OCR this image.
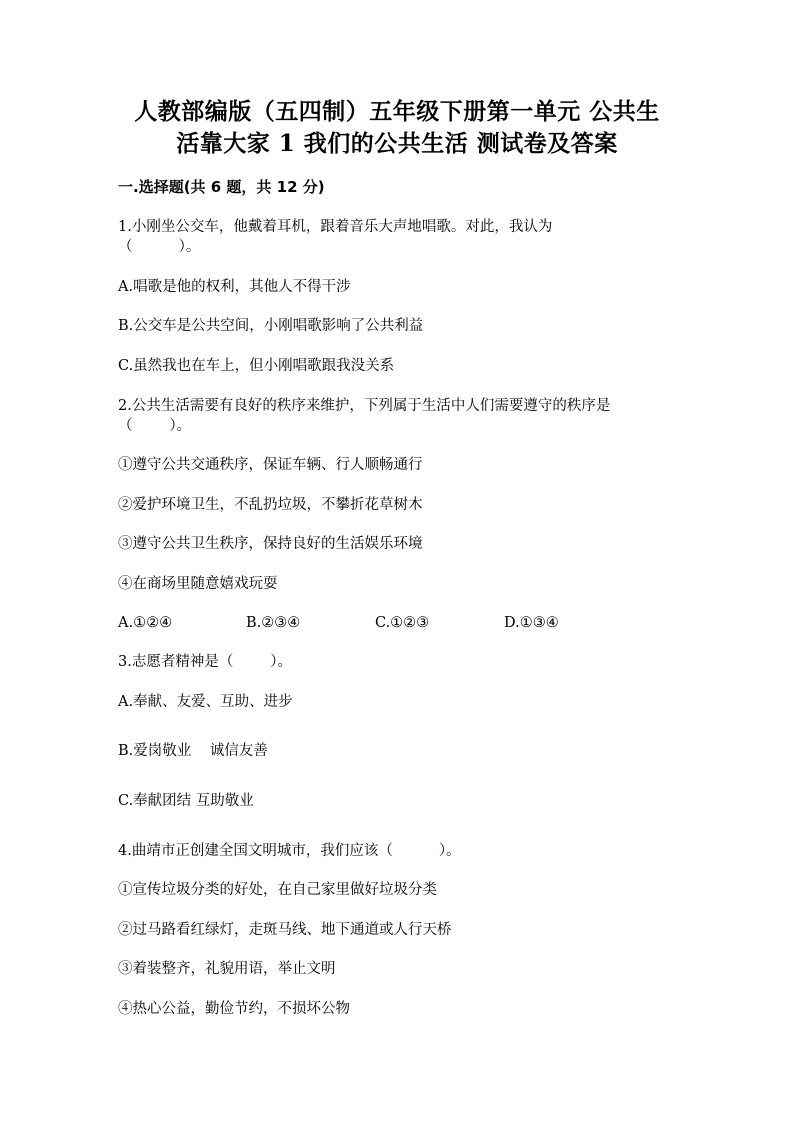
人教部编版（五四制）五年级下册第一单元 公共生

活靠大家 1 我们的公共生活 测试卷及答案

一.选择题(共 6 题，共 12 分)

1.小刚坐公交车，他戴着耳机，跟着音乐大声地唱歌。对此，我认为

（          ）。

A.唱歌是他的权利，其他人不得干涉

B.公交车是公共空间，小刚唱歌影响了公共利益

C.虽然我也在车上，但小刚唱歌跟我没关系

2.公共生活需要有良好的秩序来维护，下列属于生活中人们需要遵守的秩序是

（        ）。

①遵守公共交通秩序，保证车辆、行人顺畅通行

②爱护环境卫生，不乱扔垃圾，不攀折花草树木

③遵守公共卫生秩序，保持良好的生活娱乐环境

④在商场里随意嬉戏玩耍

A.①②④	B.②③④	C.①②③	D.①③④

3.志愿者精神是（        ）。

A.奉献、友爱、互助、进步

B.爱岗敬业    诚信友善

C.奉献团结 互助敬业

4.曲靖市正创建全国文明城市，我们应该（          ）。

①宣传垃圾分类的好处，在自己家里做好垃圾分类

②过马路看红绿灯，走斑马线、地下通道或人行天桥

③着装整齐，礼貌用语，举止文明

④热心公益，勤俭节约，不损坏公物
